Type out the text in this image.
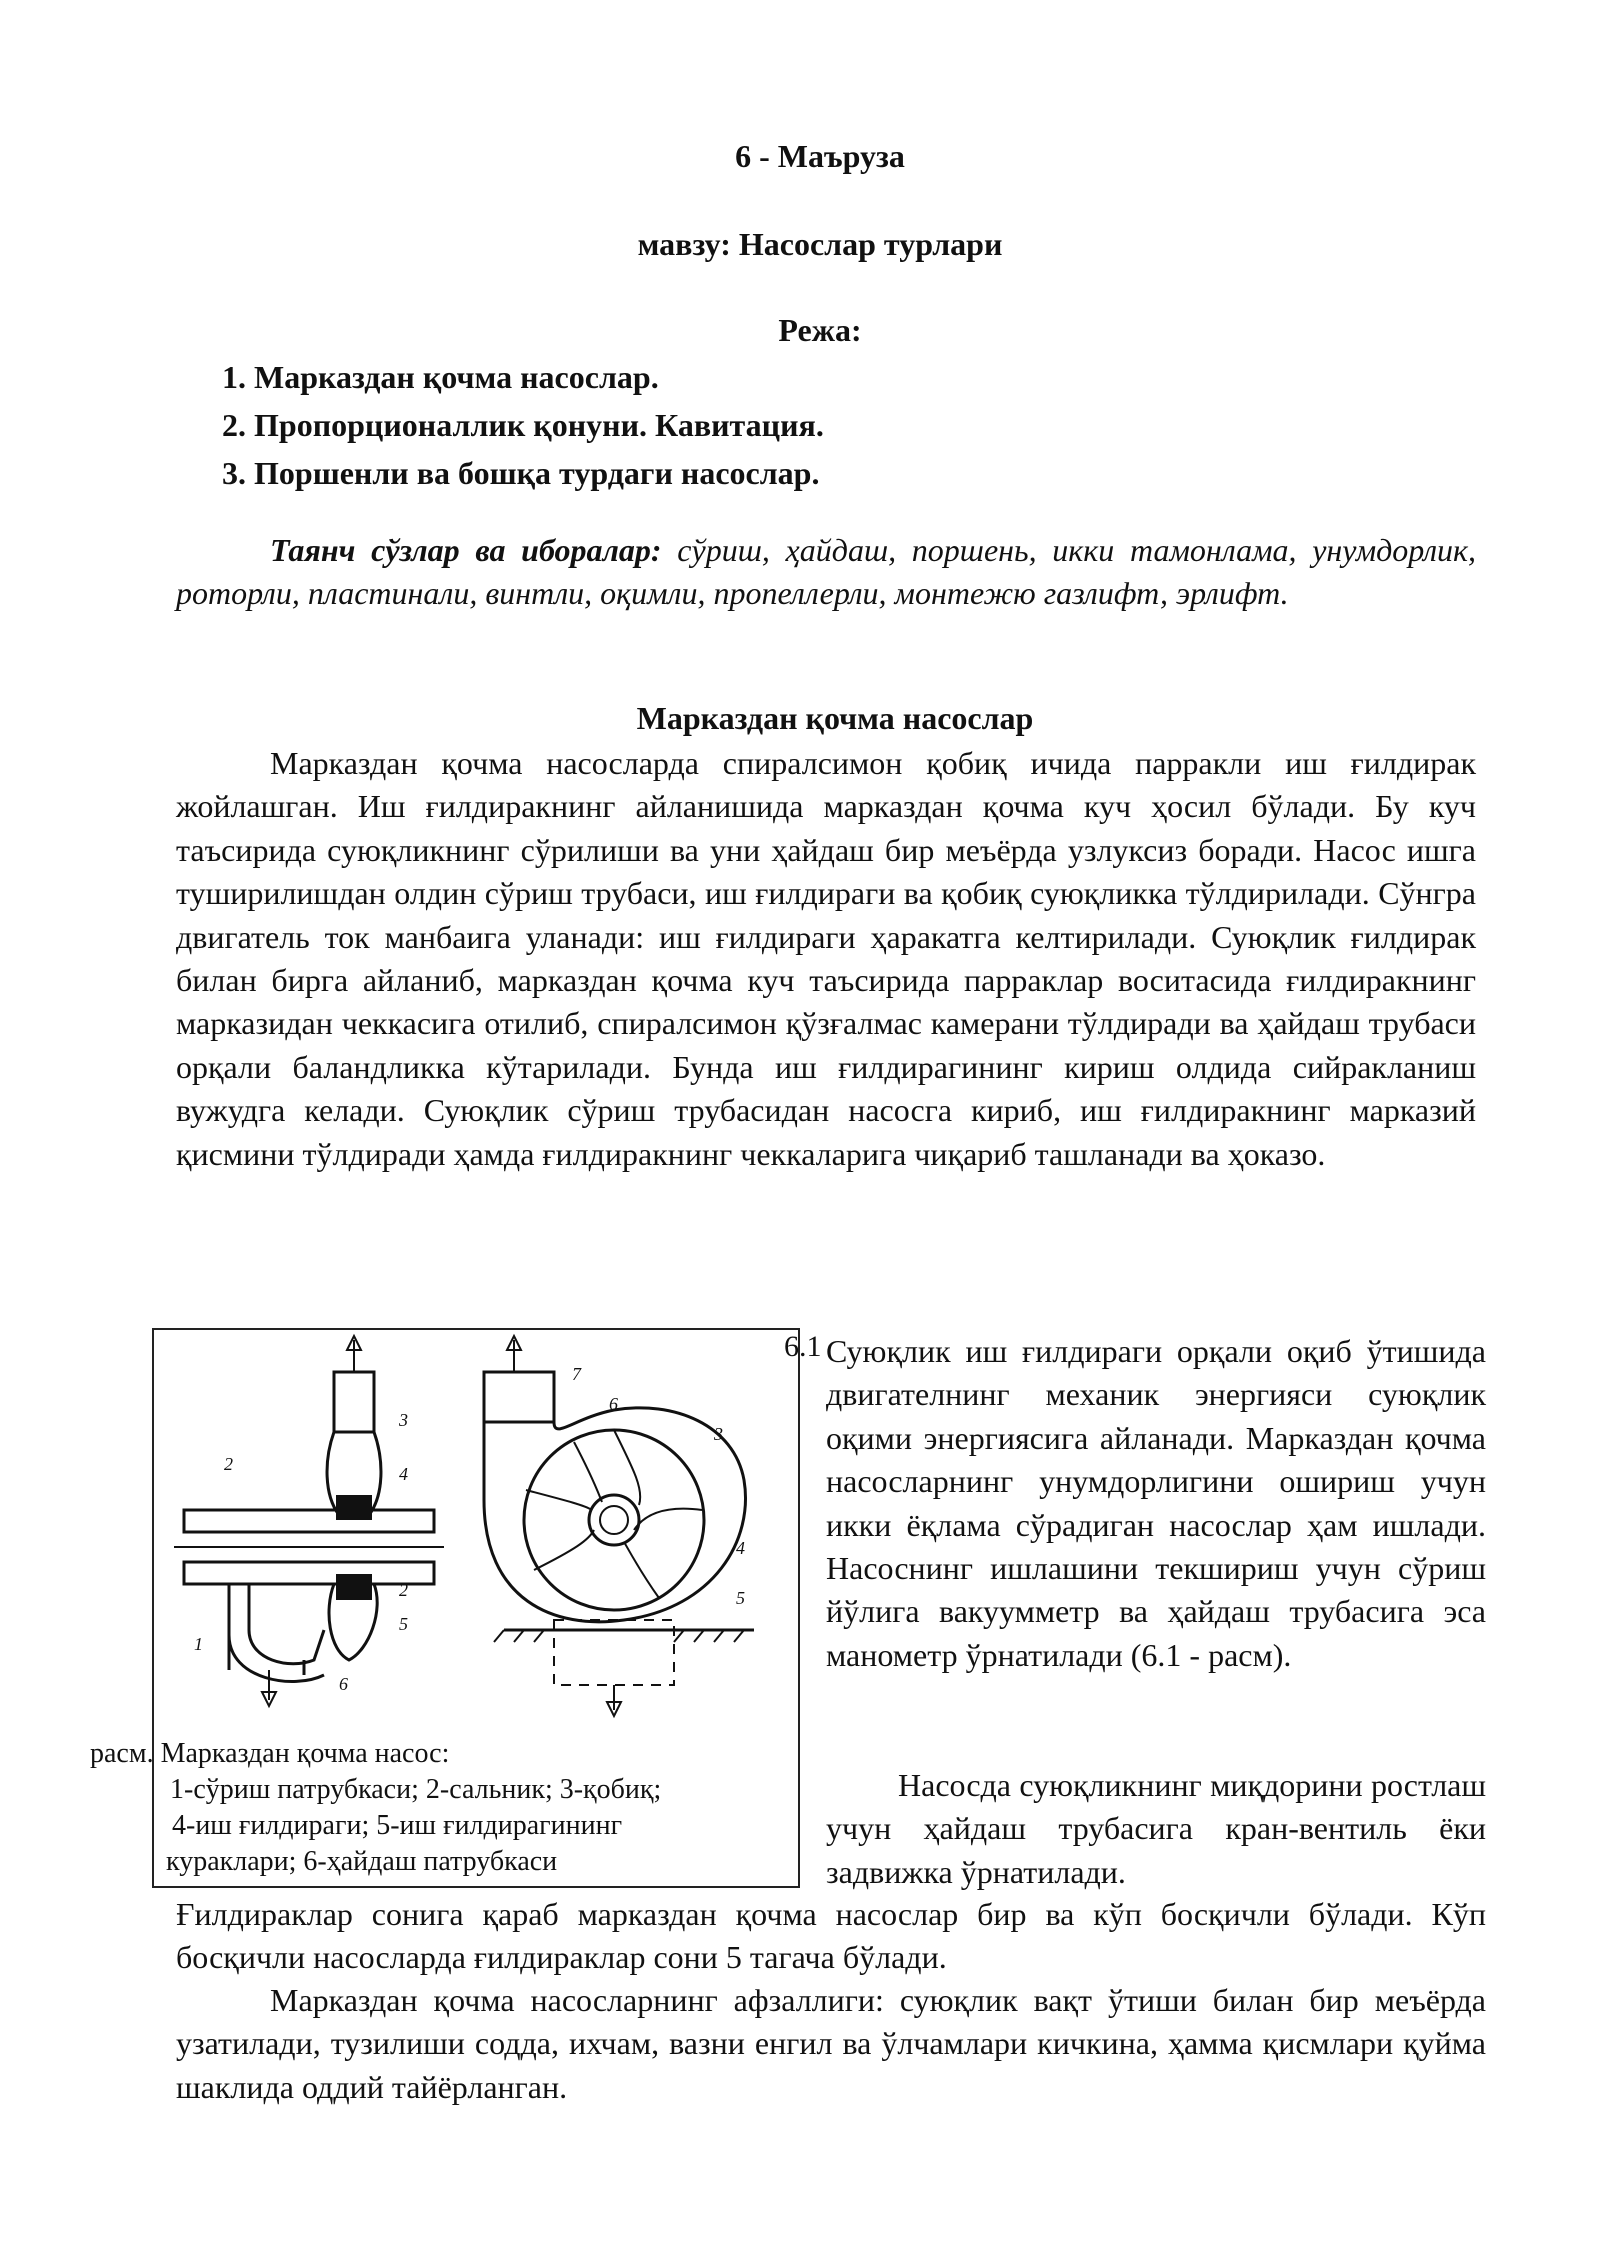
6 - Маъруза
мавзу: Насослар турлари
Режа:
1. Марказдан қочма насослар.
2. Пропорционаллик қонуни. Кавитация.
3. Поршенли ва бошқа турдаги насослар.

Таянч сўзлар ва иборалар: сўриш, ҳайдаш, поршень, икки тамонлама, унумдорлик, роторли, пластинали, винтли, оқимли, пропеллерли, монтежю газлифт, эрлифт.

Марказдан қочма насослар

Марказдан қочма насосларда спиралсимон қобиқ ичида парракли иш ғилдирак жойлашган. Иш ғилдиракнинг айланишида марказдан қочма куч ҳосил бўлади. Бу куч таъсирида суюқликнинг сўрилиши ва уни ҳайдаш бир меъёрда узлуксиз боради. Насос ишга туширилишдан олдин сўриш трубаси, иш ғилдираги ва қобиқ суюқликка тўлдирилади. Сўнгра двигатель ток манбаига уланади: иш ғилдираги ҳаракатга келтирилади. Суюқлик ғилдирак билан бирга айланиб, марказдан қочма куч таъсирида парраклар воситасида ғилдиракнинг марказидан чеккасига отилиб, спиралсимон қўзғалмас камерани тўлдиради ва ҳайдаш трубаси орқали баландликка кўтарилади. Бунда иш ғилдирагининг кириш олдида сийракланиш вужудга келади. Суюқлик сўриш трубасидан насосга кириб, иш ғилдиракнинг марказий қисмини тўлдиради ҳамда ғилдиракнинг чеккаларига чиқариб ташланади ва ҳоказо.

3
4
2
2
5
1
6
7
6
3
4
5
расм. Марказдан қочма насос:
1-сўриш патрубкаси; 2-сальник; 3-қобиқ;
4-иш ғилдираги; 5-иш ғилдирагининг
кураклари; 6-ҳайдаш патрубкаси
6.1 Суюқлик иш ғилдираги орқали оқиб ўтишида двигателнинг механик энергияси суюқлик оқими энергиясига айланади. Марказдан қочма насосларнинг унумдорлигини ошириш учун икки ёқлама сўрадиган насослар ҳам ишлади. Насоснинг ишлашини текшириш учун сўриш йўлига вакуумметр ва ҳайдаш трубасига эса манометр ўрнатилади (6.1 - расм).

Насосда суюқликнинг миқдорини ростлаш учун ҳайдаш трубасига кран-вентиль ёки задвижка ўрнатилади.

Ғилдираклар сонига қараб марказдан қочма насослар бир ва кўп босқичли бўлади. Кўп босқичли насосларда ғилдираклар сони 5 тагача бўлади.

Марказдан қочма насосларнинг афзаллиги: суюқлик вақт ўтиши билан бир меъёрда узатилади, тузилиши содда, ихчам, вазни енгил ва ўлчамлари кичкина, ҳамма қисмлари қуйма шаклида оддий тайёрланган.
